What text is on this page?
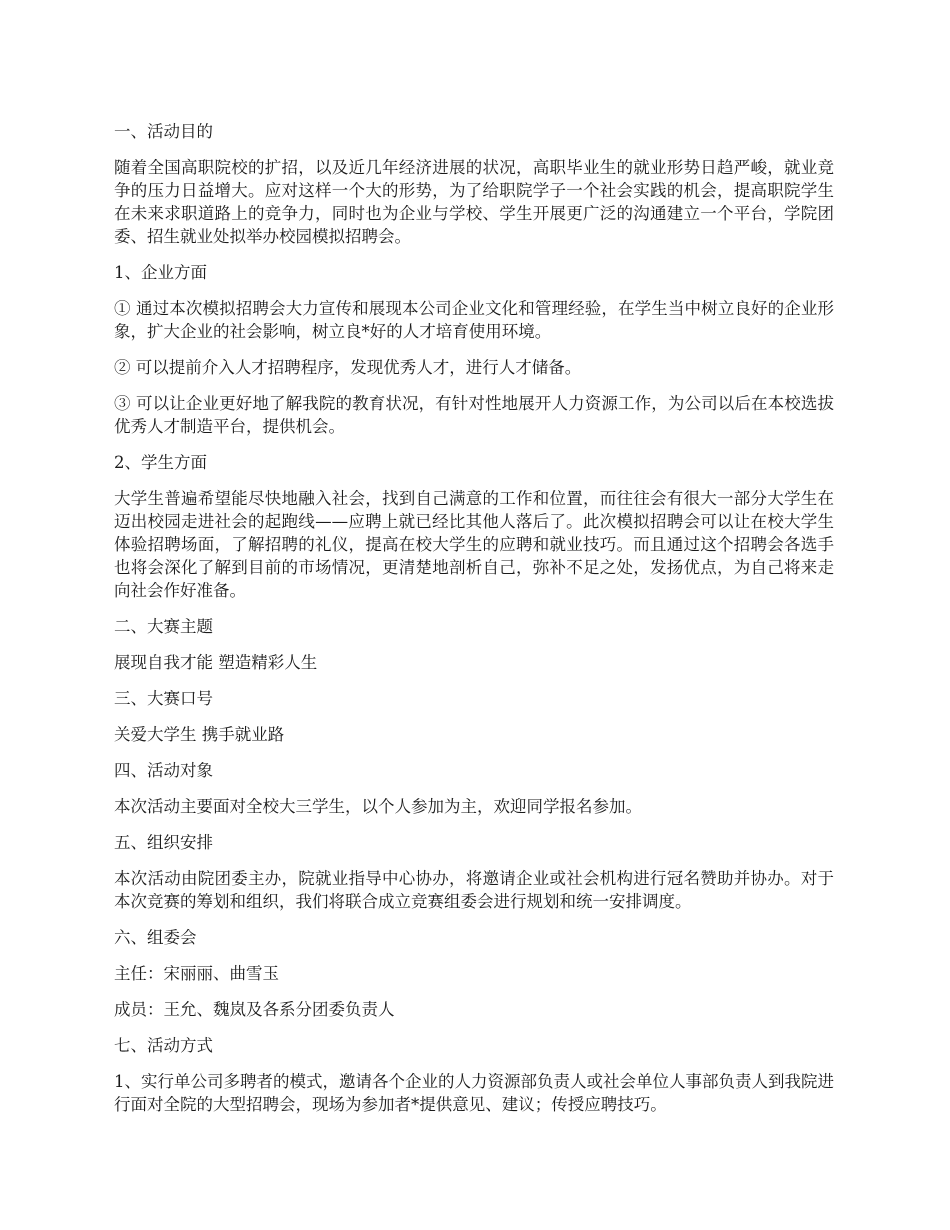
一、活动目的

随着全国高职院校的扩招，以及近几年经济进展的状况，高职毕业生的就业形势日趋严峻，就业竞争的压力日益增大。应对这样一个大的形势，为了给职院学子一个社会实践的机会，提高职院学生在未来求职道路上的竞争力，同时也为企业与学校、学生开展更广泛的沟通建立一个平台，学院团委、招生就业处拟举办校园模拟招聘会。

1、企业方面

① 通过本次模拟招聘会大力宣传和展现本公司企业文化和管理经验，在学生当中树立良好的企业形象，扩大企业的社会影响，树立良*好的人才培育使用环境。

② 可以提前介入人才招聘程序，发现优秀人才，进行人才储备。

③ 可以让企业更好地了解我院的教育状况，有针对性地展开人力资源工作，为公司以后在本校选拔优秀人才制造平台，提供机会。

2、学生方面

大学生普遍希望能尽快地融入社会，找到自己满意的工作和位置，而往往会有很大一部分大学生在迈出校园走进社会的起跑线——应聘上就已经比其他人落后了。此次模拟招聘会可以让在校大学生体验招聘场面，了解招聘的礼仪，提高在校大学生的应聘和就业技巧。而且通过这个招聘会各选手也将会深化了解到目前的市场情况，更清楚地剖析自己，弥补不足之处，发扬优点，为自己将来走向社会作好准备。

二、大赛主题

展现自我才能 塑造精彩人生

三、大赛口号

关爱大学生 携手就业路

四、活动对象

本次活动主要面对全校大三学生，以个人参加为主，欢迎同学报名参加。

五、组织安排

本次活动由院团委主办，院就业指导中心协办，将邀请企业或社会机构进行冠名赞助并协办。对于本次竞赛的筹划和组织，我们将联合成立竞赛组委会进行规划和统一安排调度。

六、组委会

主任：宋丽丽、曲雪玉

成员：王允、魏岚及各系分团委负责人

七、活动方式

1、实行单公司多聘者的模式，邀请各个企业的人力资源部负责人或社会单位人事部负责人到我院进行面对全院的大型招聘会，现场为参加者*提供意见、建议；传授应聘技巧。
